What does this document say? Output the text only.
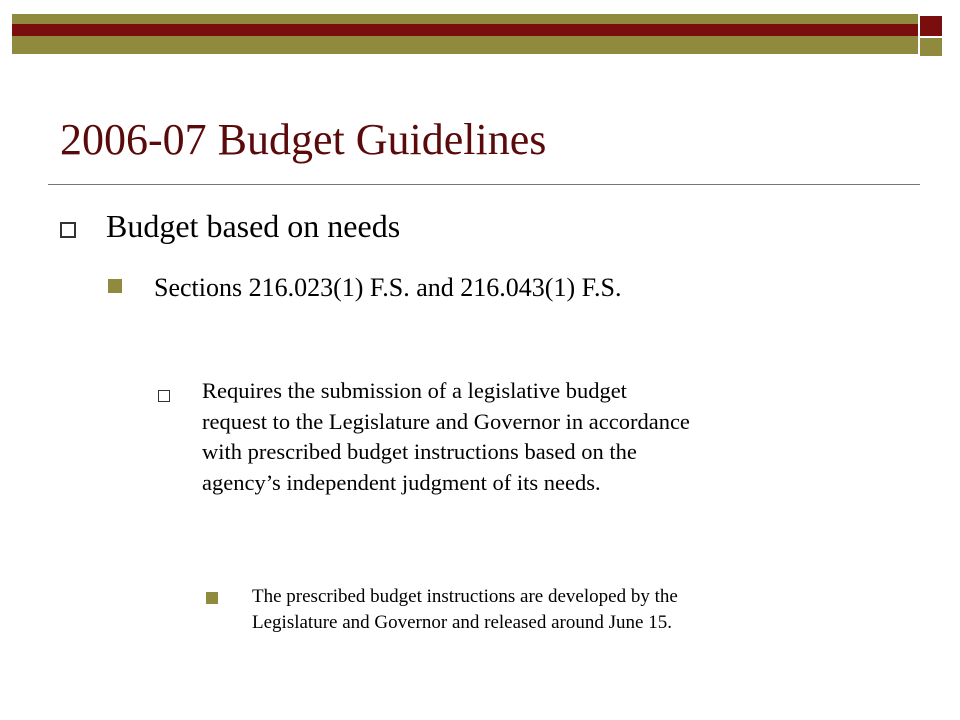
2006-07 Budget Guidelines
Budget based on needs
Sections 216.023(1) F.S. and 216.043(1) F.S.
Requires the submission of a legislative budget
request to the Legislature and Governor in accordance
with prescribed budget instructions based on the
agency’s independent judgment of its needs.
The prescribed budget instructions are developed by the
Legislature and Governor and released around June 15.
